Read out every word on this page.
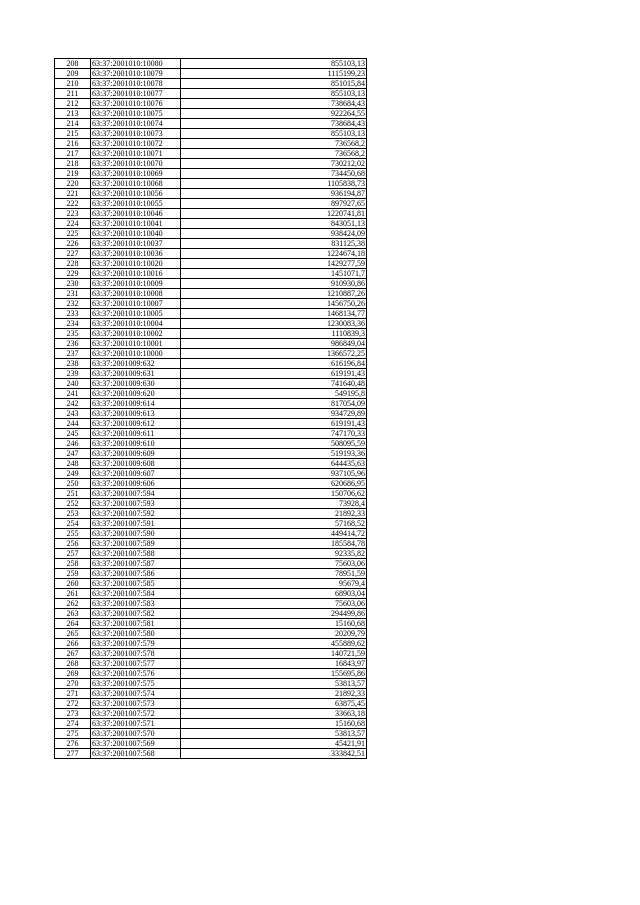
208	63:37:2001010:10080	855103,13
209	63:37:2001010:10079	1115199,23
210	63:37:2001010:10078	851015,84
211	63:37:2001010:10077	855103,13
212	63:37:2001010:10076	738684,43
213	63:37:2001010:10075	922264,55
214	63:37:2001010:10074	738684,43
215	63:37:2001010:10073	855103,13
216	63:37:2001010:10072	736568,2
217	63:37:2001010:10071	736568,2
218	63:37:2001010:10070	730212,02
219	63:37:2001010:10069	734450,68
220	63:37:2001010:10068	1105838,73
221	63:37:2001010:10056	936194,87
222	63:37:2001010:10055	897927,65
223	63:37:2001010:10046	1220741,81
224	63:37:2001010:10041	843051,13
225	63:37:2001010:10040	938424,09
226	63:37:2001010:10037	831125,38
227	63:37:2001010:10036	1224674,18
228	63:37:2001010:10020	1429277,59
229	63:37:2001010:10016	1451071,7
230	63:37:2001010:10009	910930,86
231	63:37:2001010:10008	1210887,26
232	63:37:2001010:10007	1456750,26
233	63:37:2001010:10005	1468134,77
234	63:37:2001010:10004	1230083,36
235	63:37:2001010:10002	1110839,3
236	63:37:2001010:10001	986849,04
237	63:37:2001010:10000	1366572,25
238	63:37:2001009:632	616196,84
239	63:37:2001009:631	619191,43
240	63:37:2001009:630	741640,48
241	63:37:2001009:620	549195,8
242	63:37:2001009:614	817054,09
243	63:37:2001009:613	934729,89
244	63:37:2001009:612	619191,43
245	63:37:2001009:611	747170,33
246	63:37:2001009:610	508095,59
247	63:37:2001009:609	519193,36
248	63:37:2001009:608	644435,63
249	63:37:2001009:607	937105,96
250	63:37:2001009:606	620686,95
251	63:37:2001007:594	150706,62
252	63:37:2001007:593	73928,4
253	63:37:2001007:592	21892,33
254	63:37:2001007:591	57168,52
255	63:37:2001007:590	449414,72
256	63:37:2001007:589	185584,78
257	63:37:2001007:588	92335,82
258	63:37:2001007:587	75603,06
259	63:37:2001007:586	78951,59
260	63:37:2001007:585	95679,4
261	63:37:2001007:584	68903,04
262	63:37:2001007:583	75603,06
263	63:37:2001007:582	294499,86
264	63:37:2001007:581	15160,68
265	63:37:2001007:580	20209,79
266	63:37:2001007:579	455889,62
267	63:37:2001007:578	140721,59
268	63:37:2001007:577	16843,97
269	63:37:2001007:576	155695,86
270	63:37:2001007:575	53813,57
271	63:37:2001007:574	21892,33
272	63:37:2001007:573	63875,45
273	63:37:2001007:572	33663,18
274	63:37:2001007:571	15160,68
275	63:37:2001007:570	53813,57
276	63:37:2001007:569	45421,91
277	63:37:2001007:568	333842,51
